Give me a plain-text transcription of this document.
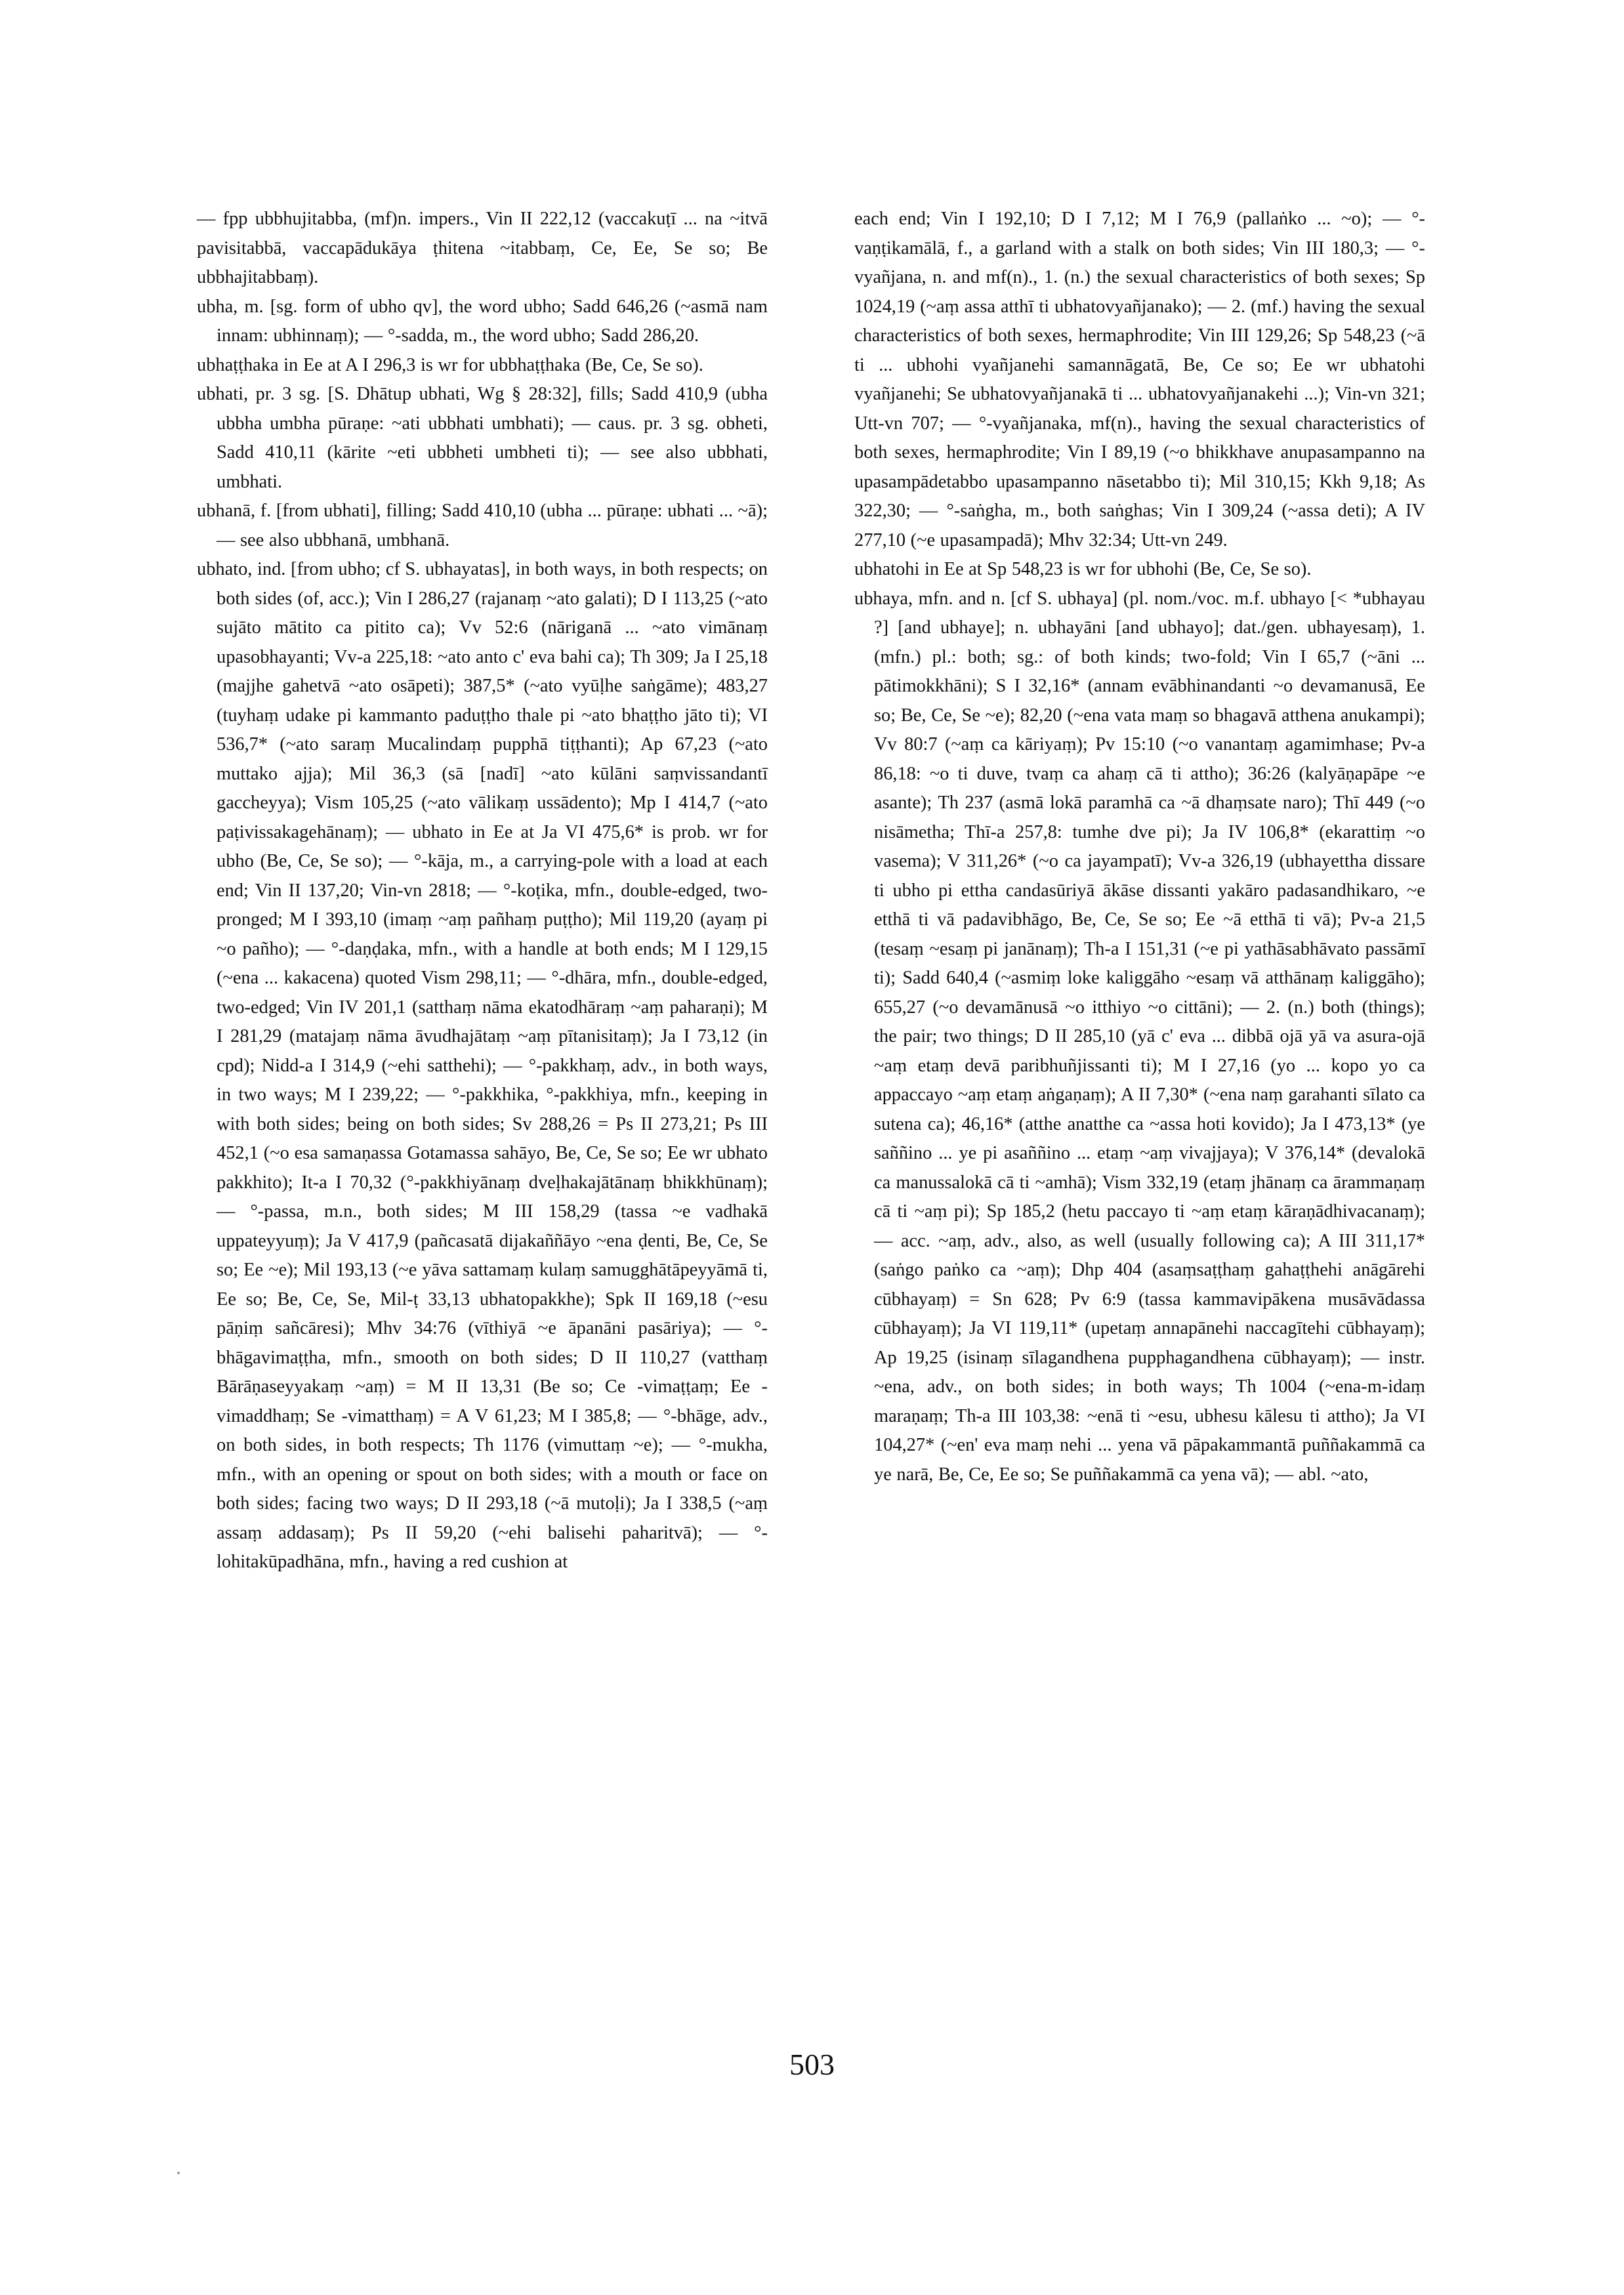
— fpp ubbhujitabba, (mf)n. impers., Vin II 222,12 (vaccakuṭī ... na ~itvā pavisitabbā, vaccapādukāya ṭhitena ~itabbaṃ, Ce, Ee, Se so; Be ubbhajitabbaṃ).

ubha, m. [sg. form of ubho qv], the word ubho; Sadd 646,26 (~asmā nam innam: ubhinnaṃ); — °-sadda, m., the word ubho; Sadd 286,20.

ubhaṭṭhaka in Ee at A I 296,3 is wr for ubbhaṭṭhaka (Be, Ce, Se so).

ubhati, pr. 3 sg. [S. Dhātup ubhati, Wg § 28:32], fills; Sadd 410,9 (ubha ubbha umbha pūraṇe: ~ati ubbhati umbhati); — caus. pr. 3 sg. obheti, Sadd 410,11 (kārite ~eti ubbheti umbheti ti); — see also ubbhati, umbhati.

ubhanā, f. [from ubhati], filling; Sadd 410,10 (ubha ... pūraṇe: ubhati ... ~ā); — see also ubbhanā, umbhanā.

ubhato, ind. [from ubho; cf S. ubhayatas], in both ways, in both respects; on both sides (of, acc.); Vin I 286,27 (rajanaṃ ~ato galati); D I 113,25 (~ato sujāto mātito ca pitito ca); Vv 52:6 (nāriganā ... ~ato vimānaṃ upasobhayanti; Vv-a 225,18: ~ato anto c' eva bahi ca); Th 309; Ja I 25,18 (majjhe gahetvā ~ato osāpeti); 387,5* (~ato vyūḷhe saṅgāme); 483,27 (tuyhaṃ udake pi kammanto paduṭṭho thale pi ~ato bhaṭṭho jāto ti); VI 536,7* (~ato saraṃ Mucalindaṃ pupphā tiṭṭhanti); Ap 67,23 (~ato muttako ajja); Mil 36,3 (sā [nadī] ~ato kūlāni saṃvissandantī gaccheyya); Vism 105,25 (~ato vālikaṃ ussādento); Mp I 414,7 (~ato paṭivissakagehānaṃ); — ubhato in Ee at Ja VI 475,6* is prob. wr for ubho (Be, Ce, Se so); — °-kāja, m., a carrying-pole with a load at each end; Vin II 137,20; Vin-vn 2818; — °-koṭika, mfn., double-edged, two-pronged; M I 393,10 (imaṃ ~aṃ pañhaṃ puṭṭho); Mil 119,20 (ayaṃ pi ~o pañho); — °-daṇḍaka, mfn., with a handle at both ends; M I 129,15 (~ena ... kakacena) quoted Vism 298,11; — °-dhāra, mfn., double-edged, two-edged; Vin IV 201,1 (satthaṃ nāma ekatodhāraṃ ~aṃ paharaṇi); M I 281,29 (matajaṃ nāma āvudhajātaṃ ~aṃ pītanisitaṃ); Ja I 73,12 (in cpd); Nidd-a I 314,9 (~ehi satthehi); — °-pakkhaṃ, adv., in both ways, in two ways; M I 239,22; — °-pakkhika, °-pakkhiya, mfn., keeping in with both sides; being on both sides; Sv 288,26 = Ps II 273,21; Ps III 452,1 (~o esa samaṇassa Gotamassa sahāyo, Be, Ce, Se so; Ee wr ubhato pakkhito); It-a I 70,32 (°-pakkhiyānaṃ dveḷhakajātānaṃ bhikkhūnaṃ); — °-passa, m.n., both sides; M III 158,29 (tassa ~e vadhakā uppateyyuṃ); Ja V 417,9 (pañcasatā dijakaññāyo ~ena ḍenti, Be, Ce, Se so; Ee ~e); Mil 193,13 (~e yāva sattamaṃ kulaṃ samugghātāpeyyāmā ti, Ee so; Be, Ce, Se, Mil-ṭ 33,13 ubhatopakkhe); Spk II 169,18 (~esu pāṇiṃ sañcāresi); Mhv 34:76 (vīthiyā ~e āpanāni pasāriya); — °-bhāgavimaṭṭha, mfn., smooth on both sides; D II 110,27 (vatthaṃ Bārāṇaseyyakaṃ ~aṃ) = M II 13,31 (Be so; Ce -vimaṭṭaṃ; Ee -vimaddhaṃ; Se -vimatthaṃ) = A V 61,23; M I 385,8; — °-bhāge, adv., on both sides, in both respects; Th 1176 (vimuttaṃ ~e); — °-mukha, mfn., with an opening or spout on both sides; with a mouth or face on both sides; facing two ways; D II 293,18 (~ā mutoḷi); Ja I 338,5 (~aṃ assaṃ addasaṃ); Ps II 59,20 (~ehi balisehi paharitvā); — °-lohitakūpadhāna, mfn., having a red cushion at

each end; Vin I 192,10; D I 7,12; M I 76,9 (pallaṅko ... ~o); — °-vaṇṭikamālā, f., a garland with a stalk on both sides; Vin III 180,3; — °-vyañjana, n. and mf(n)., 1. (n.) the sexual characteristics of both sexes; Sp 1024,19 (~aṃ assa atthī ti ubhatovyañjanako); — 2. (mf.) having the sexual characteristics of both sexes, hermaphrodite; Vin III 129,26; Sp 548,23 (~ā ti ... ubhohi vyañjanehi samannāgatā, Be, Ce so; Ee wr ubhatohi vyañjanehi; Se ubhatovyañjanakā ti ... ubhatovyañjanakehi ...); Vin-vn 321; Utt-vn 707; — °-vyañjanaka, mf(n)., having the sexual characteristics of both sexes, hermaphrodite; Vin I 89,19 (~o bhikkhave anupasampanno na upasampādetabbo upasampanno nāsetabbo ti); Mil 310,15; Kkh 9,18; As 322,30; — °-saṅgha, m., both saṅghas; Vin I 309,24 (~assa deti); A IV 277,10 (~e upasampadā); Mhv 32:34; Utt-vn 249.

ubhatohi in Ee at Sp 548,23 is wr for ubhohi (Be, Ce, Se so).

ubhaya, mfn. and n. [cf S. ubhaya] (pl. nom./voc. m.f. ubhayo [< *ubhayau ?] [and ubhaye]; n. ubhayāni [and ubhayo]; dat./gen. ubhayesaṃ), 1. (mfn.) pl.: both; sg.: of both kinds; two-fold; Vin I 65,7 (~āni ... pātimokkhāni); S I 32,16* (annam evābhinandanti ~o devamanusā, Ee so; Be, Ce, Se ~e); 82,20 (~ena vata maṃ so bhagavā atthena anukampi); Vv 80:7 (~aṃ ca kāriyaṃ); Pv 15:10 (~o vanantaṃ agamimhase; Pv-a 86,18: ~o ti duve, tvaṃ ca ahaṃ cā ti attho); 36:26 (kalyāṇapāpe ~e asante); Th 237 (asmā lokā paramhā ca ~ā dhaṃsate naro); Thī 449 (~o nisāmetha; Thī-a 257,8: tumhe dve pi); Ja IV 106,8* (ekarattiṃ ~o vasema); V 311,26* (~o ca jayampatī); Vv-a 326,19 (ubhayettha dissare ti ubho pi ettha candasūriyā ākāse dissanti yakāro padasandhikaro, ~e etthā ti vā padavibhāgo, Be, Ce, Se so; Ee ~ā etthā ti vā); Pv-a 21,5 (tesaṃ ~esaṃ pi janānaṃ); Th-a I 151,31 (~e pi yathāsabhāvato passāmī ti); Sadd 640,4 (~asmiṃ loke kaliggāho ~esaṃ vā atthānaṃ kaliggāho); 655,27 (~o devamānusā ~o itthiyo ~o cittāni); — 2. (n.) both (things); the pair; two things; D II 285,10 (yā c' eva ... dibbā ojā yā va asura-ojā ~aṃ etaṃ devā paribhuñjissanti ti); M I 27,16 (yo ... kopo yo ca appaccayo ~aṃ etaṃ aṅgaṇaṃ); A II 7,30* (~ena naṃ garahanti sīlato ca sutena ca); 46,16* (atthe anatthe ca ~assa hoti kovido); Ja I 473,13* (ye saññino ... ye pi asaññino ... etaṃ ~aṃ vivajjaya); V 376,14* (devalokā ca manussalokā cā ti ~amhā); Vism 332,19 (etaṃ jhānaṃ ca ārammaṇaṃ cā ti ~aṃ pi); Sp 185,2 (hetu paccayo ti ~aṃ etaṃ kāraṇādhivacanaṃ); — acc. ~aṃ, adv., also, as well (usually following ca); A III 311,17* (saṅgo paṅko ca ~aṃ); Dhp 404 (asaṃsaṭṭhaṃ gahaṭṭhehi anāgārehi cūbhayaṃ) = Sn 628; Pv 6:9 (tassa kammavipākena musāvādassa cūbhayaṃ); Ja VI 119,11* (upetaṃ annapānehi naccagītehi cūbhayaṃ); Ap 19,25 (isinaṃ sīlagandhena pupphagandhena cūbhayaṃ); — instr. ~ena, adv., on both sides; in both ways; Th 1004 (~ena-m-idaṃ maraṇaṃ; Th-a III 103,38: ~enā ti ~esu, ubhesu kālesu ti attho); Ja VI 104,27* (~en' eva maṃ nehi ... yena vā pāpakammantā puññakammā ca ye narā, Be, Ce, Ee so; Se puññakammā ca yena vā); — abl. ~ato,

503
